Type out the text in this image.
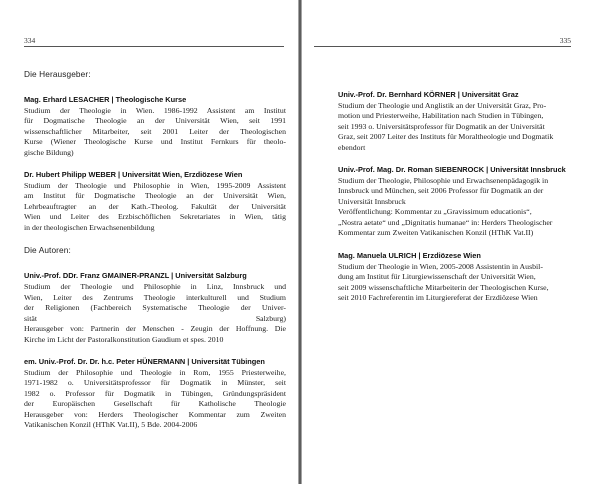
334
Die Herausgeber:
Mag. Erhard LESACHER | Theologische Kurse
Studium der Theologie in Wien. 1986-1992 Assistent am Institut
für Dogmatische Theologie an der Universität Wien, seit 1991
wissenschaftlicher Mitarbeiter, seit 2001 Leiter der Theologischen
Kurse (Wiener Theologische Kurse und Institut Fernkurs für theolo-
gische Bildung)
Dr. Hubert Philipp WEBER | Universität Wien, Erzdiözese Wien
Studium der Theologie und Philosophie in Wien, 1995-2009 Assistent
am Institut für Dogmatische Theologie an der Universität Wien,
Lehrbeauftragter an der Kath.-Theolog. Fakultät der Universität
Wien und Leiter des Erzbischöflichen Sekretariates in Wien, tätig
in der theologischen Erwachsenenbildung
Die Autoren:
Univ.-Prof. DDr. Franz GMAINER-PRANZL | Universität Salzburg
Studium der Theologie und Philosophie in Linz, Innsbruck und
Wien, Leiter des Zentrums Theologie interkulturell und Studium
der Religionen (Fachbereich Systematische Theologie der Univer-
sität Salzburg)
Herausgeber von: Partnerin der Menschen - Zeugin der Hoffnung. Die
Kirche im Licht der Pastoralkonstitution Gaudium et spes. 2010
em. Univ.-Prof. Dr. Dr. h.c. Peter HÜNERMANN | Universität Tübingen
Studium der Philosophie und Theologie in Rom, 1955 Priesterweihe,
1971-1982 o. Universitätsprofessor für Dogmatik in Münster, seit
1982 o. Professor für Dogmatik in Tübingen, Gründungspräsident
der Europäischen Gesellschaft für Katholische Theologie
Herausgeber von: Herders Theologischer Kommentar zum Zweiten
Vatikanischen Konzil (HThK Vat.II), 5 Bde. 2004-2006
335
Univ.-Prof. Dr. Bernhard KÖRNER | Universität Graz
Studium der Theologie und Anglistik an der Universität Graz, Pro-
motion und Priesterweihe, Habilitation nach Studien in Tübingen,
seit 1993 o. Universitätsprofessor für Dogmatik an der Universität
Graz, seit 2007 Leiter des Instituts für Moraltheologie und Dogmatik
ebendort
Univ.-Prof. Mag. Dr. Roman SIEBENROCK | Universität Innsbruck
Studium der Theologie, Philosophie und Erwachsenenpädagogik in
Innsbruck und München, seit 2006 Professor für Dogmatik an der
Universität Innsbruck
Veröffentlichung: Kommentar zu „Gravissimum educationis“,
„Nostra aetate“ und „Dignitatis humanae“ in: Herders Theologischer
Kommentar zum Zweiten Vatikanischen Konzil (HThK Vat.II)
Mag. Manuela ULRICH | Erzdiözese Wien
Studium der Theologie in Wien, 2005-2008 Assistentin in Ausbil-
dung am Institut für Liturgiewissenschaft der Universität Wien,
seit 2009 wissenschaftliche Mitarbeiterin der Theologischen Kurse,
seit 2010 Fachreferentin im Liturgiereferat der Erzdiözese Wien
